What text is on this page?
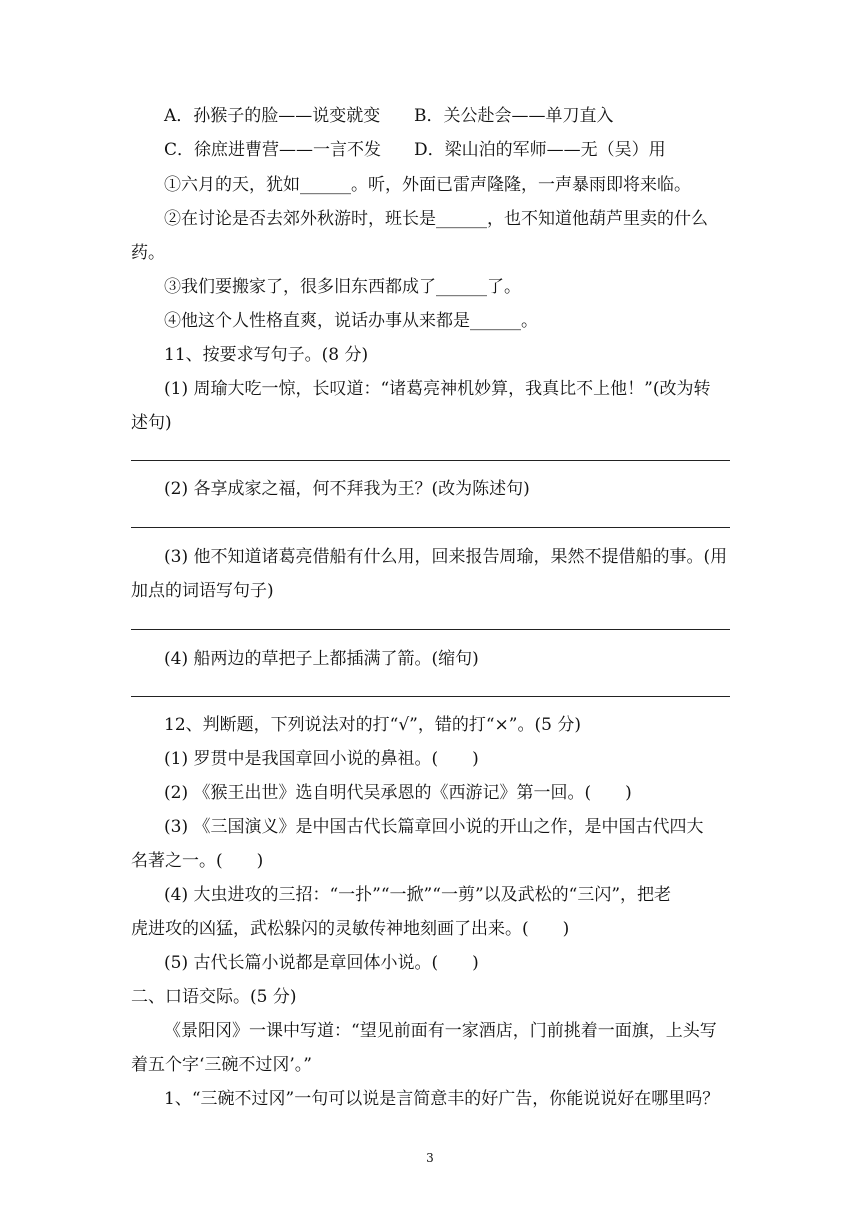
A．孙猴子的脸——说变就变 B．关公赴会——单刀直入
C．徐庶进曹营——一言不发 D．梁山泊的军师——无（吴）用
①六月的天，犹如______。听，外面已雷声隆隆，一声暴雨即将来临。
②在讨论是否去郊外秋游时，班长是______，也不知道他葫芦里卖的什么
药。
③我们要搬家了，很多旧东西都成了______了。
④他这个人性格直爽，说话办事从来都是______。
11、按要求写句子。(8 分)
(1) 周瑜大吃一惊，长叹道：“诸葛亮神机妙算，我真比不上他！”(改为转
述句)
(2) 各享成家之福，何不拜我为王？(改为陈述句)
(3) 他不知道诸葛亮借船有什么用，回来报告周瑜，果然不提借船的事。(用
加点的词语写句子)
(4) 船两边的草把子上都插满了箭。(缩句)
12、判断题，下列说法对的打“√”，错的打“×”。(5 分)
(1) 罗贯中是我国章回小说的鼻祖。(　　)
(2) 《猴王出世》选自明代吴承恩的《西游记》第一回。(　　)
(3) 《三国演义》是中国古代长篇章回小说的开山之作，是中国古代四大
名著之一。(　　)
(4) 大虫进攻的三招：“一扑”“一掀”“一剪”以及武松的“三闪”，把老
虎进攻的凶猛，武松躲闪的灵敏传神地刻画了出来。(　　)
(5) 古代长篇小说都是章回体小说。(　　)
二、口语交际。(5 分)
《景阳冈》一课中写道：“望见前面有一家酒店，门前挑着一面旗，上头写
着五个字‘三碗不过冈’。”
1、“三碗不过冈”一句可以说是言简意丰的好广告，你能说说好在哪里吗？
3
